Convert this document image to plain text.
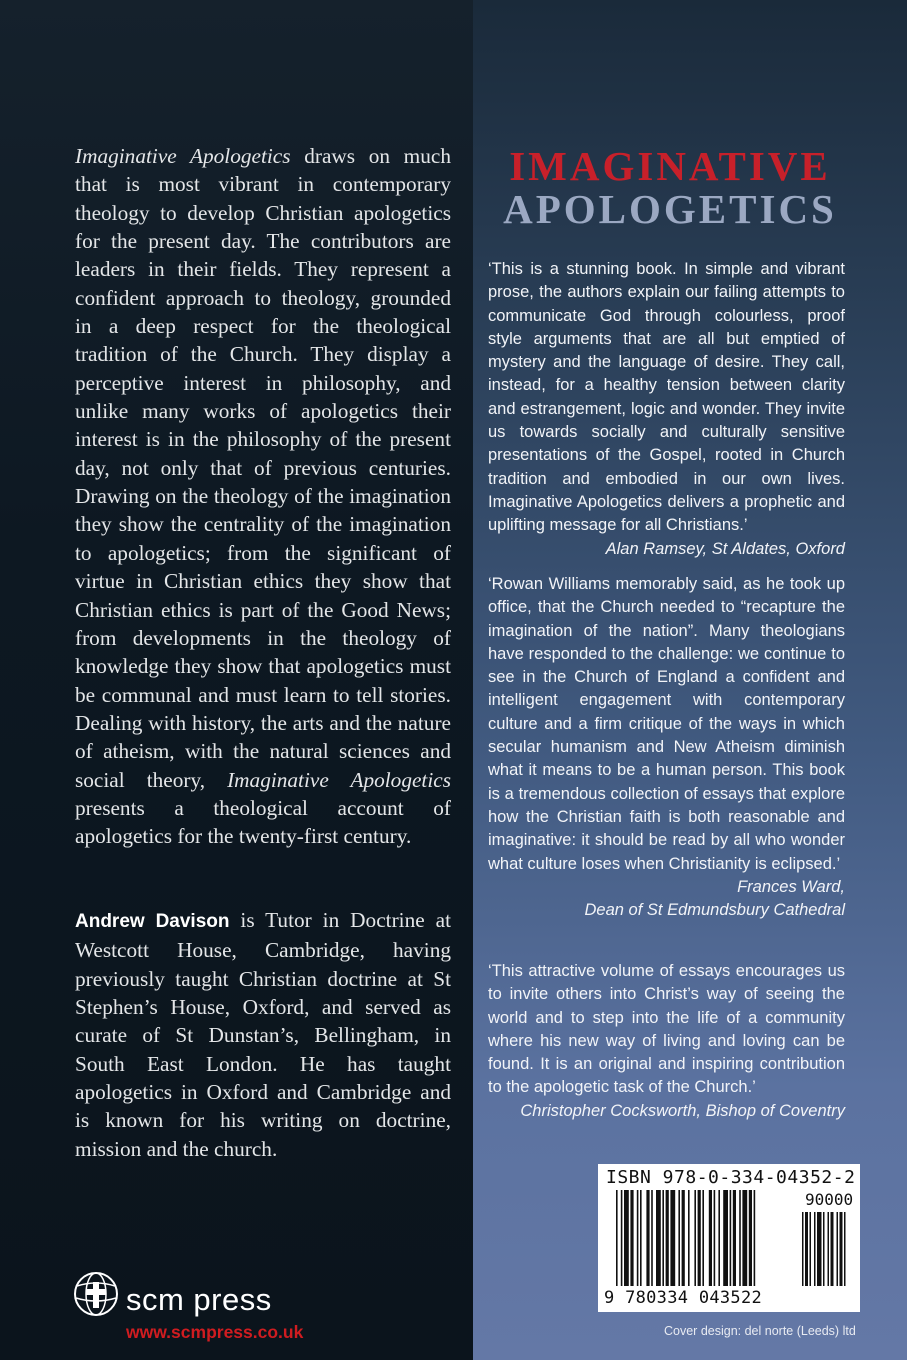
Imaginative Apologetics draws on much that is most vibrant in contemporary theology to develop Christian apologetics for the present day. The contributors are leaders in their fields. They represent a confident approach to theology, grounded in a deep respect for the theological tradition of the Church. They display a perceptive interest in philosophy, and unlike many works of apologetics their interest is in the philosophy of the present day, not only that of previous centuries. Drawing on the theology of the imagination they show the centrality of the imagination to apologetics; from the significant of virtue in Christian ethics they show that Christian ethics is part of the Good News; from developments in the theology of knowledge they show that apologetics must be communal and must learn to tell stories. Dealing with history, the arts and the nature of atheism, with the natural sciences and social theory, Imaginative Apologetics presents a theological account of apologetics for the twenty-first century.

Andrew Davison is Tutor in Doctrine at Westcott House, Cambridge, having previously taught Christian doctrine at St Stephen’s House, Oxford, and served as curate of St Dunstan’s, Bellingham, in South East London. He has taught apologetics in Oxford and Cambridge and is known for his writing on doctrine, mission and the church.

scm press
www.scmpress.co.uk
IMAGINATIVE
APOLOGETICS

‘This is a stunning book. In simple and vibrant prose, the authors explain our failing attempts to communicate God through colourless, proof style arguments that are all but emptied of mystery and the language of desire. They call, instead, for a healthy tension between clarity and estrangement, logic and wonder. They invite us towards socially and culturally sensitive presentations of the Gospel, rooted in Church tradition and embodied in our own lives. Imaginative Apologetics delivers a prophetic and uplifting message for all Christians.’
Alan Ramsey, St Aldates, Oxford

‘Rowan Williams memorably said, as he took up office, that the Church needed to “recapture the imagination of the nation”. Many theologians have responded to the challenge: we continue to see in the Church of England a confident and intelligent engagement with contemporary culture and a firm critique of the ways in which secular humanism and New Atheism diminish what it means to be a human person. This book is a tremendous collection of essays that explore how the Christian faith is both reasonable and imaginative: it should be read by all who wonder what culture loses when Christianity is eclipsed.’
Frances Ward,
Dean of St Edmundsbury Cathedral

‘This attractive volume of essays encourages us to invite others into Christ’s way of seeing the world and to step into the life of a community where his new way of living and loving can be found. It is an original and inspiring contribution to the apologetic task of the Church.’
Christopher Cocksworth, Bishop of Coventry

ISBN 978-0-334-04352-2
90000
9 780334 043522
Cover design: del norte (Leeds) ltd
